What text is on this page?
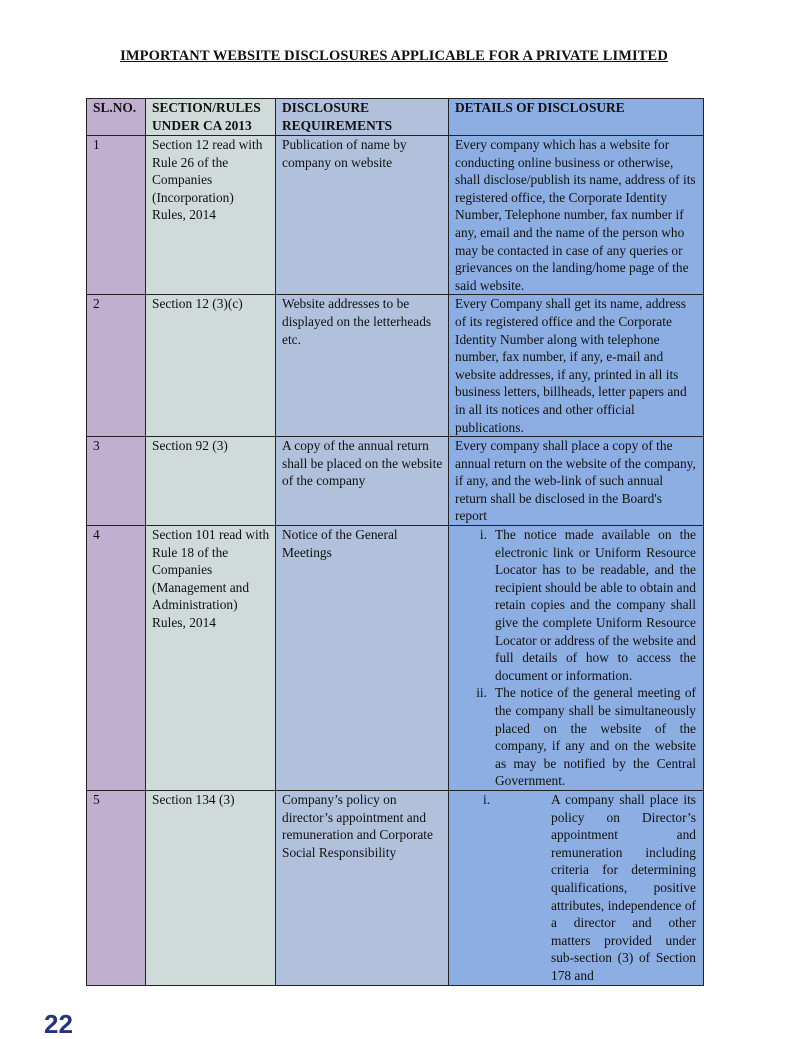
IMPORTANT WEBSITE DISCLOSURES APPLICABLE FOR A PRIVATE LIMITED
SL.NO.	SECTION/RULES UNDER CA 2013	DISCLOSURE REQUIREMENTS	DETAILS OF DISCLOSURE
1	Section 12 read with Rule 26 of the Companies (Incorporation) Rules, 2014	Publication of name by company on website	Every company which has a website for conducting online business or otherwise, shall disclose/publish its name, address of its registered office, the Corporate Identity Number, Telephone number, fax number if any, email and the name of the person who may be contacted in case of any queries or grievances on the landing/home page of the said website.
2	Section 12 (3)(c)	Website addresses to be displayed on the letterheads etc.	Every Company shall get its name, address of its registered office and the Corporate Identity Number along with telephone number, fax number, if any, e-mail and website addresses, if any, printed in all its business letters, billheads, letter papers and in all its notices and other official publications.
3	Section 92 (3)	A copy of the annual return shall be placed on the website of the company	Every company shall place a copy of the annual return on the website of the company, if any, and the web-link of such annual return shall be disclosed in the Board's report
4	Section 101 read with Rule 18 of the Companies (Management and Administration) Rules, 2014	Notice of the General Meetings	i. The notice made available on the electronic link or Uniform Resource Locator has to be readable, and the recipient should be able to obtain and retain copies and the company shall give the complete Uniform Resource Locator or address of the website and full details of how to access the document or information.
ii. The notice of the general meeting of the company shall be simultaneously placed on the website of the company, if any and on the website as may be notified by the Central Government.

5	Section 134 (3)	Company’s policy on director’s appointment and remuneration and Corporate Social Responsibility	i. A company shall place its policy on Director’s appointment and remuneration including criteria for determining qualifications, positive attributes, independence of a director and other matters provided under sub-section (3) of Section 178 and
22
